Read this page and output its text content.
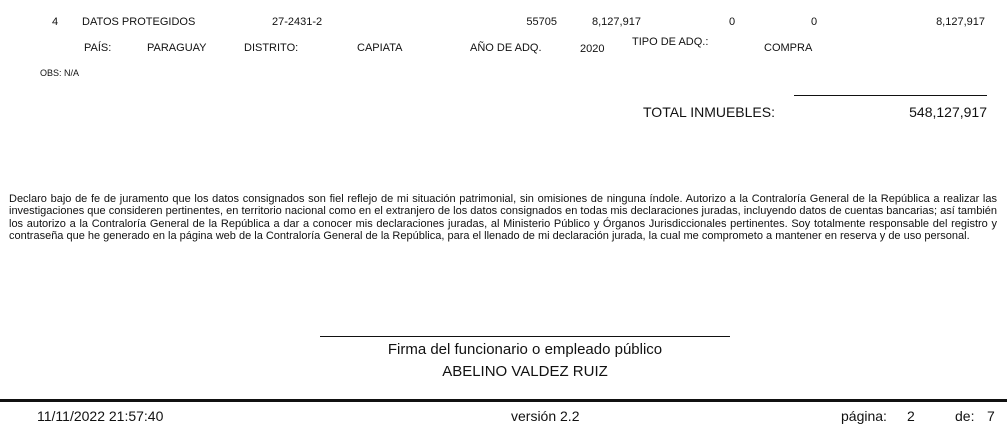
4 DATOS PROTEGIDOS	27-2431-2	55705	8,127,917	0	0	8,127,917
PAÍS:	PARAGUAY	DISTRITO:	CAPIATA	AÑO DE ADQ.	2020
TIPO DE ADQ.:	COMPRA
OBS: N/A
TOTAL INMUEBLES:	548,127,917
Declaro bajo de fe de juramento que los datos consignados son fiel reflejo de mi situación patrimonial, sin omisiones de ninguna índole. Autorizo a la Contraloría General de la República a realizar las investigaciones que consideren pertinentes, en territorio nacional como en el extranjero de los datos consignados en todas mis declaraciones juradas, incluyendo datos de cuentas bancarias; así también los autorizo a la Contraloría General de la República a dar a conocer mis declaraciones juradas, al Ministerio Público y Órganos Jurisdiccionales pertinentes. Soy totalmente responsable del registro y contraseña que he generado en la página web de la Contraloría General de la República, para el llenado de mi declaración jurada, la cual me comprometo a mantener en reserva y de uso personal.
Firma del funcionario o empleado público
ABELINO VALDEZ RUIZ
11/11/2022 21:57:40	versión 2.2	página: 2	de: 7
